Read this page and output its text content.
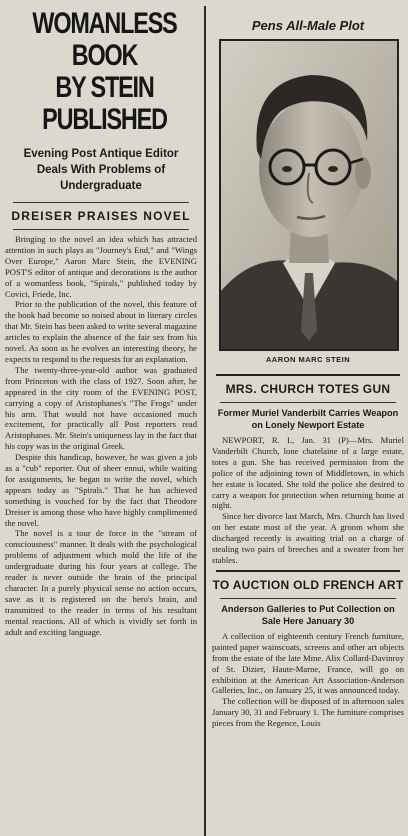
WOMANLESS BOOK
BY STEIN PUBLISHED
Evening Post Antique Editor Deals With Problems of Undergraduate
DREISER PRAISES NOVEL

Bringing to the novel an idea which has attracted attention in such plays as "Journey's End," and "Wings Over Europe," Aaron Marc Stein, the EVENING POST'S editor of antique and decorations is the author of a womanless book, "Spirals," published today by Covici, Friede, Inc.

Prior to the publication of the novel, this feature of the book had become so noised about in literary circles that Mr. Stein has been asked to write several magazine articles to explain the absence of the fair sex from his novel. As soon as he evolves an interesting theory, he expects to respond to the requests for an explanation.

The twenty-three-year-old author was graduated from Princeton with the class of 1927. Soon after, he appeared in the city room of the EVENING POST, carrying a copy of Aristophanes's "The Frogs" under his arm. That would not have occasioned much excitement, for practically all Post reporters read Aristophanes. Mr. Stein's uniqueness lay in the fact that his copy was in the original Greek.

Despite this handicap, however, he was given a job as a "cub" reporter. Out of sheer ennui, while waiting for assignments, he began to write the novel, which appears today as "Spirals." That he has achieved something is vouched for by the fact that Theodore Dreiser is among those who have highly complimented the novel.

The novel is a tour de force in the "stream of consciousness" manner. It deals with the psychological problems of adjustment which mold the life of the undergraduate during his four years at college. The reader is never outside the brain of the principal character. In a purely physical sense no action occurs, save as it is registered on the hero's brain, and transmitted to the reader in terms of his resultant mental reactions. All of which is vividly set forth in adult and exciting language.

Pens All-Male Plot
AARON MARC STEIN
MRS. CHURCH TOTES GUN
Former Muriel Vanderbilt Carries Weapon on Lonely Newport Estate

NEWPORT, R. I., Jan. 31 (P)—Mrs. Muriel Vanderbilt Church, lone chatelaine of a large estate, totes a gun. She has received permission from the police of the adjoining town of Middletown, in which her estate is located. She told the police she desired to carry a weapon for protection when returning home at night.

Since her divorce last March, Mrs. Church has lived on her estate most of the year. A groom whom she discharged recently is awaiting trial on a charge of stealing two pairs of breeches and a sweater from her stables.

TO AUCTION OLD FRENCH ART
Anderson Galleries to Put Collection on Sale Here January 30

A collection of eighteenth century French furniture, painted paper wainscoats, screens and other art objects from the estate of the late Mme. Alix Collard-Davinroy of St. Dizier, Haute-Marne, France, will go on exhibition at the American Art Association-Anderson Galleries, Inc., on January 25, it was announced today.

The collection will be disposed of in afternoon sales January 30, 31 and February 1. The furniture comprises pieces from the Regence, Louis
